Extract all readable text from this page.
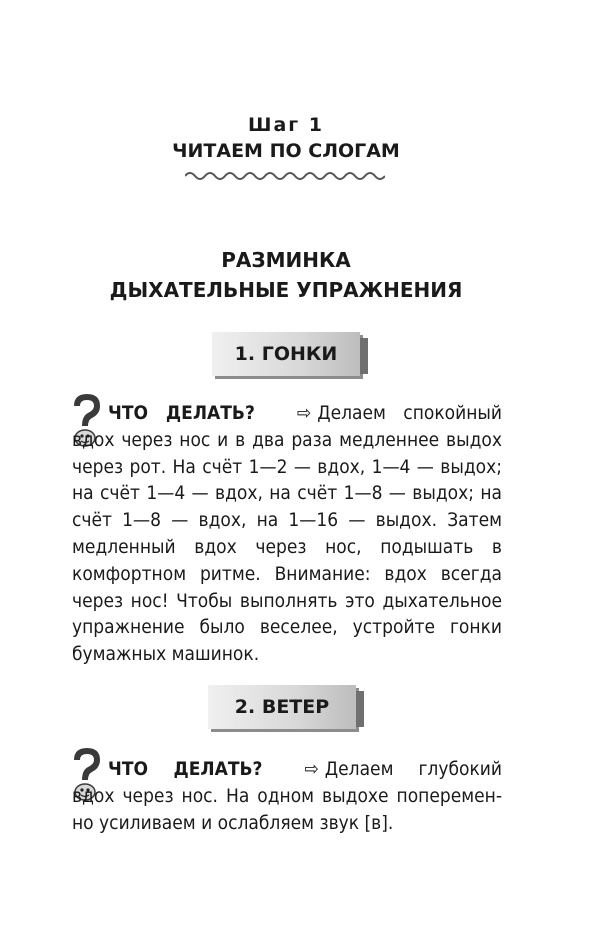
Шаг 1
ЧИТАЕМ ПО СЛОГАМ
РАЗМИНКА
ДЫХАТЕЛЬНЫЕ УПРАЖНЕНИЯ
1. ГОНКИ

ЧТО ДЕЛАТЬ? ⇨ Делаем спокойный вдох через нос и в два раза медленнее выдох через рот. На счёт 1—2 — вдох, 1—4 — выдох; на счёт 1—4 — вдох, на счёт 1—8 — выдох; на счёт 1—8 — вдох, на 1—16 — выдох. Затем медленный вдох через нос, подышать в комфортном ритме. Внимание: вдох всегда через нос! Чтобы выполнять это дыхательное упражнение было веселее, устройте гонки бумажных машинок.

2. ВЕТЕР

ЧТО ДЕЛАТЬ? ⇨ Делаем глубокий вдох через нос. На одном выдохе попеременно усиливаем и ослабляем звук [в].
